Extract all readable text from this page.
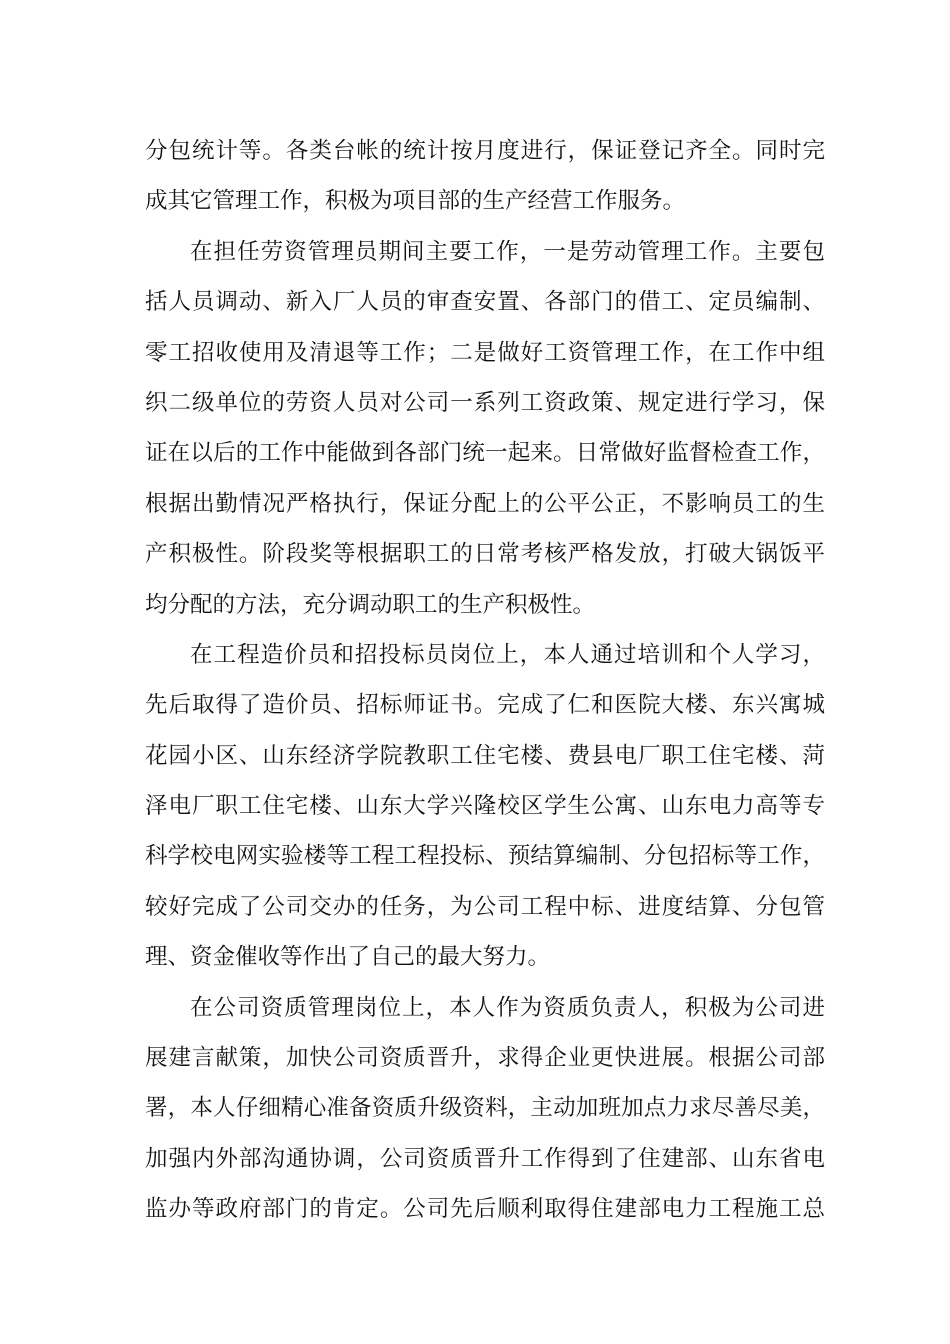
分包统计等。各类台帐的统计按月度进行，保证登记齐全。同时完
成其它管理工作，积极为项目部的生产经营工作服务。
在担任劳资管理员期间主要工作，一是劳动管理工作。主要包
括人员调动、新入厂人员的审查安置、各部门的借工、定员编制、
零工招收使用及清退等工作；二是做好工资管理工作，在工作中组
织二级单位的劳资人员对公司一系列工资政策、规定进行学习，保
证在以后的工作中能做到各部门统一起来。日常做好监督检查工作，
根据出勤情况严格执行，保证分配上的公平公正，不影响员工的生
产积极性。阶段奖等根据职工的日常考核严格发放，打破大锅饭平
均分配的方法，充分调动职工的生产积极性。
在工程造价员和招投标员岗位上，本人通过培训和个人学习，
先后取得了造价员、招标师证书。完成了仁和医院大楼、东兴寓城
花园小区、山东经济学院教职工住宅楼、费县电厂职工住宅楼、菏
泽电厂职工住宅楼、山东大学兴隆校区学生公寓、山东电力高等专
科学校电网实验楼等工程工程投标、预结算编制、分包招标等工作，
较好完成了公司交办的任务，为公司工程中标、进度结算、分包管
理、资金催收等作出了自己的最大努力。
在公司资质管理岗位上，本人作为资质负责人，积极为公司进
展建言献策，加快公司资质晋升，求得企业更快进展。根据公司部
署，本人仔细精心准备资质升级资料，主动加班加点力求尽善尽美，
加强内外部沟通协调，公司资质晋升工作得到了住建部、山东省电
监办等政府部门的肯定。公司先后顺利取得住建部电力工程施工总
